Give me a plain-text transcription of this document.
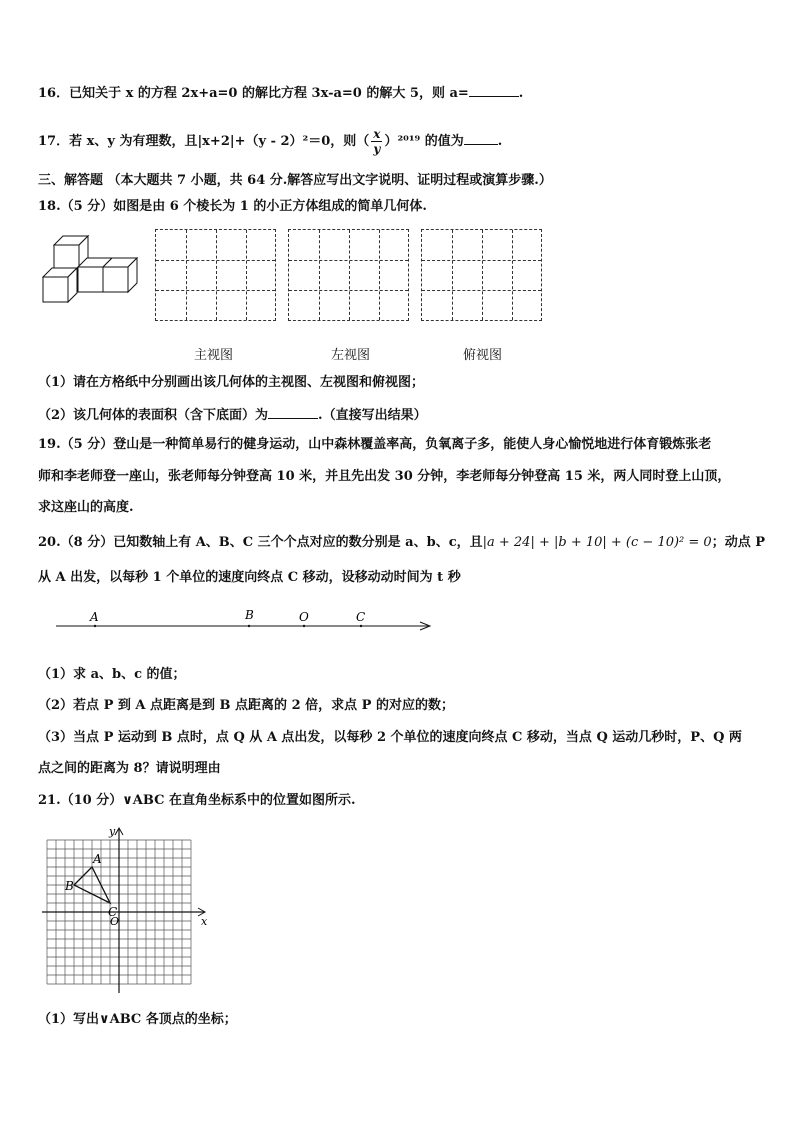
16．已知关于 x 的方程 2x+a=0 的解比方程 3x-a=0 的解大 5，则 a=	.
17．若 x、y 为有理数，且|x+2|+（y - 2）²＝0，则（ $\frac{x}{y} )^{2019}$ 的值为	.
三、解答题 （本大题共 7 小题，共 64 分.解答应写出文字说明、证明过程或演算步骤.）
18.（5 分）如图是由 6 个棱长为 1 的小正方体组成的简单几何体.
主视图	左视图	俯视图
（1）请在方格纸中分别画出该几何体的主视图、左视图和俯视图；
（2）该几何体的表面积（含下底面）为	.（直接写出结果）
19.（5 分）登山是一种简单易行的健身运动，山中森林覆盖率高，负氧离子多，能使人身心愉悦地进行体育锻炼张老
师和李老师登一座山，张老师每分钟登高 10 米，并且先出发 30 分钟，李老师每分钟登高 15 米，两人同时登上山顶，
求这座山的高度.
20.（8 分）已知数轴上有 A、B、C 三个个点对应的数分别是 a、b、c，且|a + 24| + |b + 10| + (c − 10)² = 0；动点 P
从 A 出发，以每秒 1 个单位的速度向终点 C 移动，设移动动时间为 t 秒
A	B	O	C
（1）求 a、b、c 的值；
（2）若点 P 到 A 点距离是到 B 点距离的 2 倍，求点 P 的对应的数；
（3）当点 P 运动到 B 点时，点 Q 从 A 点出发，以每秒 2 个单位的速度向终点 C 移动，当点 Q 运动几秒时，P、Q 两
点之间的距离为 8？请说明理由
21.（10 分）∨ABC 在直角坐标系中的位置如图所示.
A
B
C
O	x
y
（1）写出∨ABC 各顶点的坐标；
